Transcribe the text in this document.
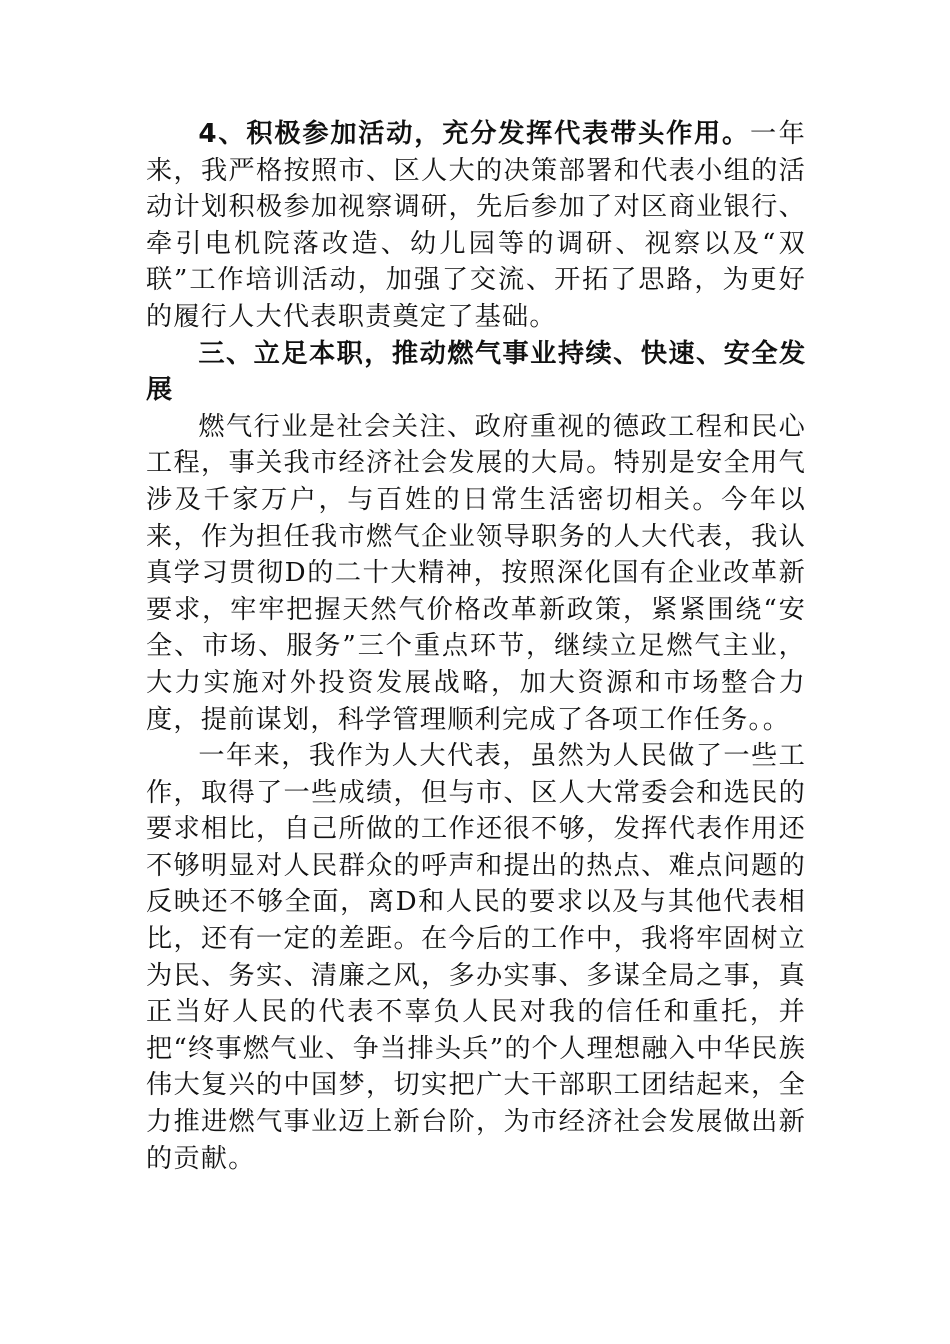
4、积极参加活动，充分发挥代表带头作用。一年来，我严格按照市、区人大的决策部署和代表小组的活动计划积极参加视察调研，先后参加了对区商业银行、牵引电机院落改造、幼儿园等的调研、视察以及“双联”工作培训活动，加强了交流、开拓了思路，为更好的履行人大代表职责奠定了基础。

三、立足本职，推动燃气事业持续、快速、安全发展

燃气行业是社会关注、政府重视的德政工程和民心工程，事关我市经济社会发展的大局。特别是安全用气涉及千家万户，与百姓的日常生活密切相关。今年以来，作为担任我市燃气企业领导职务的人大代表，我认真学习贯彻D的二十大精神，按照深化国有企业改革新要求，牢牢把握天然气价格改革新政策，紧紧围绕“安全、市场、服务”三个重点环节，继续立足燃气主业，大力实施对外投资发展战略，加大资源和市场整合力度，提前谋划，科学管理顺利完成了各项工作任务。。

一年来，我作为人大代表，虽然为人民做了一些工作，取得了一些成绩，但与市、区人大常委会和选民的要求相比，自己所做的工作还很不够，发挥代表作用还不够明显对人民群众的呼声和提出的热点、难点问题的反映还不够全面，离D和人民的要求以及与其他代表相比，还有一定的差距。在今后的工作中，我将牢固树立为民、务实、清廉之风，多办实事、多谋全局之事，真正当好人民的代表不辜负人民对我的信任和重托，并把“终事燃气业、争当排头兵”的个人理想融入中华民族伟大复兴的中国梦，切实把广大干部职工团结起来，全力推进燃气事业迈上新台阶，为市经济社会发展做出新的贡献。
